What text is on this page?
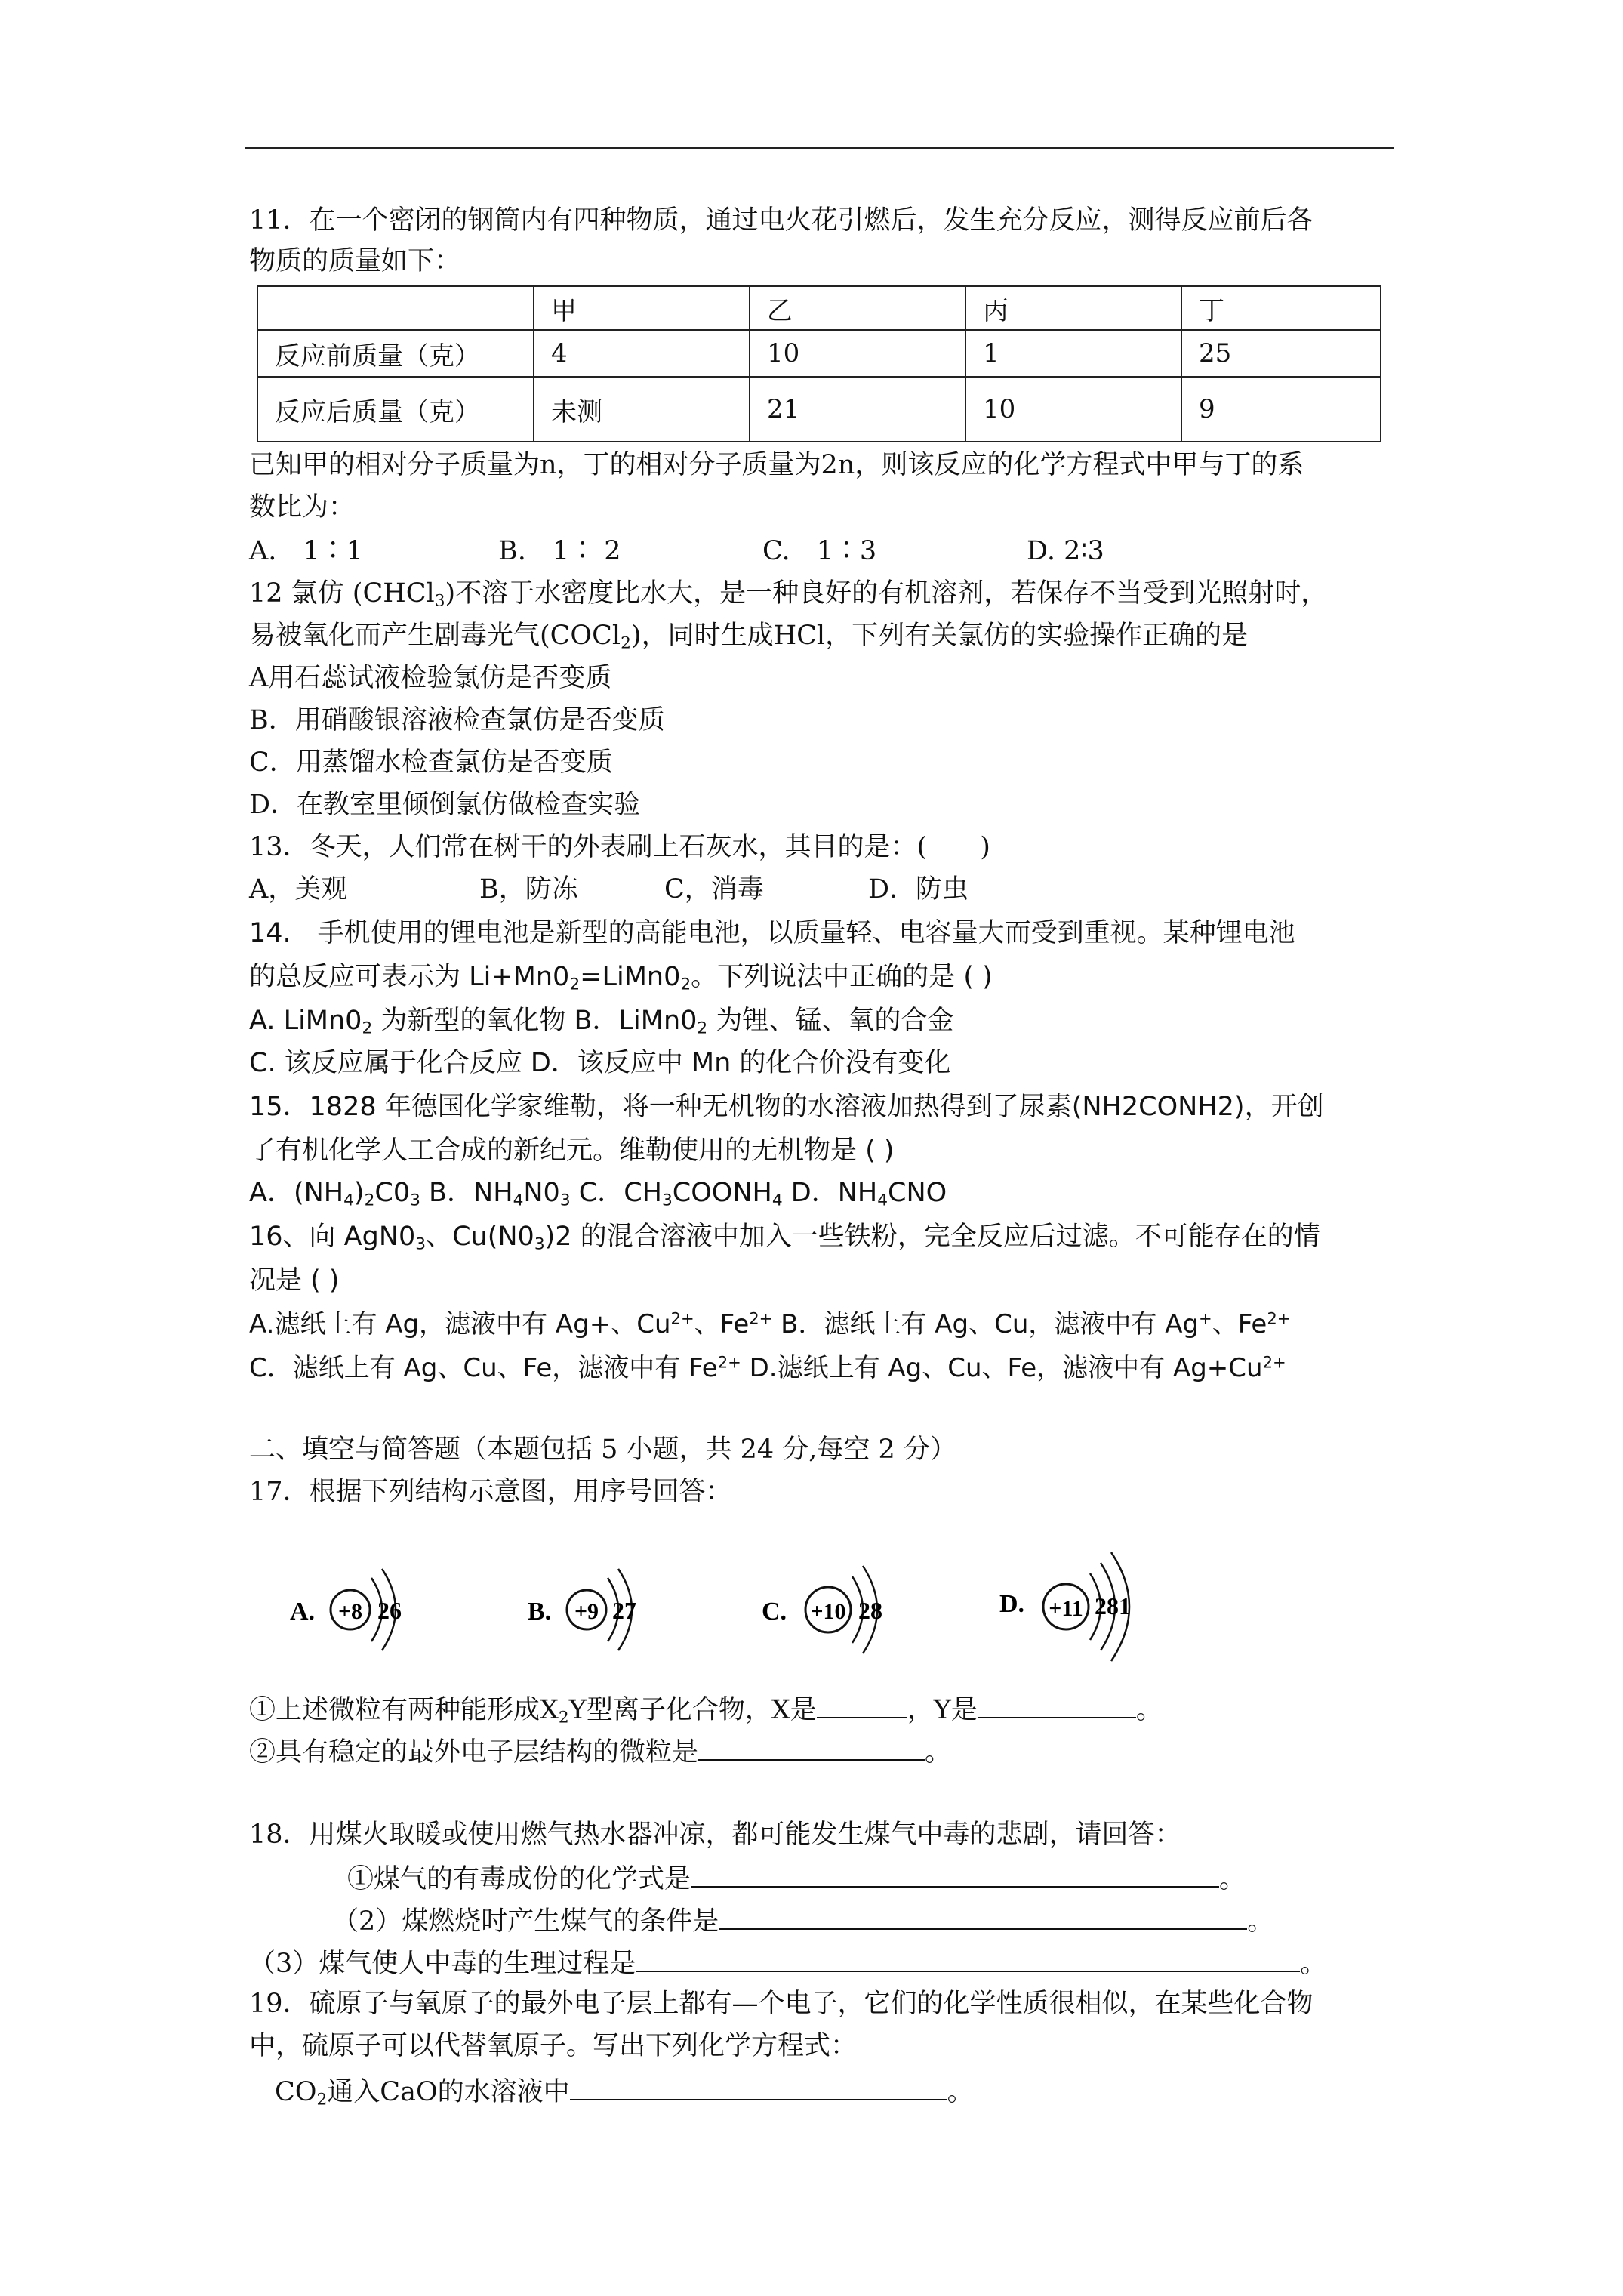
11．在一个密闭的钢筒内有四种物质，通过电火花引燃后，发生充分反应，测得反应前后各
物质的质量如下：
	甲	乙	丙	丁
反应前质量（克）	4	10	1	25
反应后质量（克）	未测	21	10	9
已知甲的相对分子质量为n，丁的相对分子质量为2n，则该反应的化学方程式中甲与丁的系
数比为：
A.　1∶1	B.　1∶ 2	C.　1∶3	D. 2∶3
12 氯仿 (CHCl$_3$)不溶于水密度比水大，是一种良好的有机溶剂，若保存不当受到光照射时，
易被氧化而产生剧毒光气(COCl$_2$)，同时生成HCl，下列有关氯仿的实验操作正确的是
A用石蕊试液检验氯仿是否变质
B．用硝酸银溶液检查氯仿是否变质
C．用蒸馏水检查氯仿是否变质
D．在教室里倾倒氯仿做检查实验
13．冬天，人们常在树干的外表刷上石灰水，其目的是：(　　)
A，美观	B，防冻	C，消毒	D．防虫
14.　手机使用的锂电池是新型的高能电池，以质量轻、电容量大而受到重视。某种锂电池
的总反应可表示为 $Li+Mn0_2=LiMn0_2$。下列说法中正确的是 ( )
A. $LiMn0_2$ 为新型的氧化物 B．$LiMn0_2$ 为锂、锰、氧的合金
C. 该反应属于化合反应 D．该反应中 Mn 的化合价没有变化
15．1828 年德国化学家维勒，将一种无机物的水溶液加热得到了尿素(NH2CONH2)，开创
了有机化学人工合成的新纪元。维勒使用的无机物是 ( )
A．$(NH_4)_2C0_3$ B．$NH_4N0_3$ C．$CH_3COONH_4$ D．$NH_4CNO$
16、向 $AgN0_3$、$Cu(N0_3)2$ 的混合溶液中加入一些铁粉，完全反应后过滤。不可能存在的情
况是 ( )
A.滤纸上有 Ag，滤液中有 Ag+、$Cu^{2+}$、$Fe^{2+}$ B．滤纸上有 Ag、Cu，滤液中有 Ag+、$Fe^{2+}$
C．滤纸上有 Ag、Cu、Fe，滤液中有 $Fe^{2+}$ D.滤纸上有 Ag、Cu、Fe，滤液中有 $Ag+Cu^{2+}$
二、填空与简答题（本题包括 5 小题，共 24 分,每空 2 分）
17．根据下列结构示意图，用序号回答：
A. +8 26	B. +9 27	C. +10 28	D. +11 281
①上述微粒有两种能形成$X_2Y$型离子化合物，X是	，Y是	。
②具有稳定的最外电子层结构的微粒是	。
18．用煤火取暖或使用燃气热水器冲凉，都可能发生煤气中毒的悲剧，请回答：
①煤气的有毒成份的化学式是	。
（2）煤燃烧时产生煤气的条件是	。
（3）煤气使人中毒的生理过程是	。
19．硫原子与氧原子的最外电子层上都有—个电子，它们的化学性质很相似，在某些化合物
中，硫原子可以代替氧原子。写出下列化学方程式：
$CO_2$通入CaO的水溶液中	。
